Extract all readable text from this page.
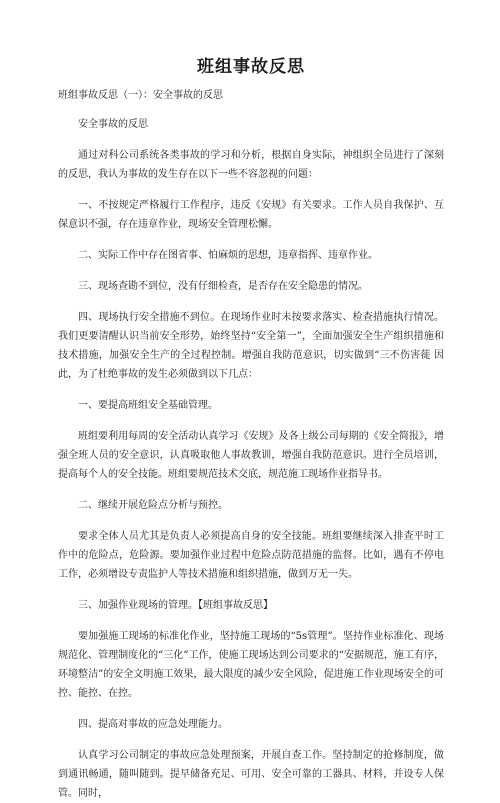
班组事故反思
班组事故反思（一）：安全事故的反思
安全事故的反思
通过对科公司系统各类事故的学习和分析，根据自身实际，神组织全员进行了深刻的反思，我认为事故的发生存在以下一些不容忽视的问题：
一、不按规定严格履行工作程序，违反《安规》有关要求。工作人员自我保护、互保意识不强，存在违章作业，现场安全管理松懈。
二、实际工作中存在图省事、怕麻烦的思想，违章指挥、违章作业。
三、现场查勘不到位，没有仔细检查，是否存在安全隐患的情况。
四、现场执行安全措施不到位。在现场作业时未按要求落实、检查措施执行情况。 我们更要清醒认识当前安全形势，始终坚持“安全第一”，全面加强安全生产组织措施和技术措施，加强安全生产的全过程控制。增强自我防范意识，切实做到“三不伤害蓰 因此，为了杜绝事故的发生必须做到以下几点：
一、要提高班组安全基础管理。
班组要利用每周的安全活动认真学习《安规》及各上级公司每期的《安全简报》，增强全班人员的安全意识，认真吸取他人事故教训，增强自我防范意识。进行全员培训，提高每个人的安全技能。班组要规范技术交底，规范施工现场作业指导书。
二、继续开展危险点分析与预控。
要求全体人员尤其是负责人必须提高自身的安全技能。班组要继续深入排查平时工作中的危险点，危险源。要加强作业过程中危险点防范措施的监督。比如，遇有不停电工作，必须增设专责监护人等技术措施和组织措施，做到万无一失。
三、加强作业现场的管理。【班组事故反思】
要加强施工现场的标准化作业，坚持施工现场的“5s管理”。坚持作业标准化、现场规范化、管理制度化的“三化”工作，使施工现场达到公司要求的“安据规范，施工有序，环境整洁”的安全文明施工效果，最大限度的减少安全风险，促进施工作业现场安全的可控、能控、在控。
四、提高对事故的应急处理能力。
认真学习公司制定的事故应急处理预案，开展自查工作。坚持制定的抢修制度，做到通讯畅通，随叫随到。提早储备充足、可用、安全可靠的工器具、材料，并设专人保管。同时，
